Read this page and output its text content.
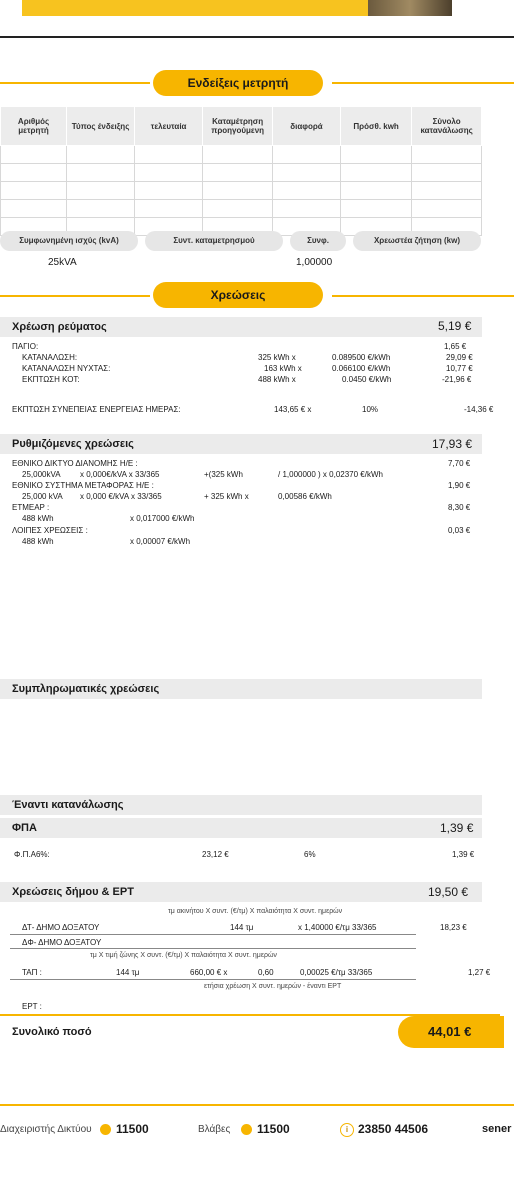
Ενδείξεις μετρητή
Αριθμός μετρητή	Τύπος ένδειξης	τελευταία	Καταμέτρηση προηγούμενη	διαφορά	Πρόσθ. kwh	Σύνολο κατανάλωσης

Συμφωνημένη ισχύς (kvA)	Συντ. καταμετρησμού	Συνφ.	Χρεωστέα ζήτηση (kw)
25kVA	1,00000
Χρεώσεις
Χρέωση ρεύματος	5,19 €
ΠΑΓΙΟ:	1,65 €
ΚΑΤΑΝΑΛΩΣΗ:	325 kWh x	0.089500 €/kWh	29,09 €
ΚΑΤΑΝΑΛΩΣΗ ΝΥΧΤΑΣ:	163 kWh x	0.066100 €/kWh	10,77 €
ΕΚΠΤΩΣΗ ΚΟΤ:	488 kWh x	0.0450 €/kWh	-21,96 €
ΕΚΠΤΩΣΗ ΣΥΝΕΠΕΙΑΣ ΕΝΕΡΓΕΙΑΣ ΗΜΕΡΑΣ:	143,65 € x	10%	-14,36 €
Ρυθμιζόμενες χρεώσεις	17,93 €
ΕΘΝΙΚΟ ΔΙΚΤΥΟ ΔΙΑΝΟΜΗΣ Η/Ε :	7,70 €
25,000kVA x 0,000€/kVA x 33/365	+(325 kWh	/ 1,000000 ) x 0,02370 €/kWh
ΕΘΝΙΚΟ ΣΥΣΤΗΜΑ ΜΕΤΑΦΟΡΑΣ Η/Ε :	1,90 €
25,000 kVA x 0,000 €/kVA x 33/365	+ 325 kWh x	0,00586 €/kWh
ΕΤΜΕΑΡ :	8,30 €
488 kWh	x 0,017000 €/kWh
ΛΟΙΠΕΣ ΧΡΕΩΣΕΙΣ :	0,03 €
488 kWh	x 0,00007 €/kWh
Συμπληρωματικές χρεώσεις
Έναντι κατανάλωσης
ΦΠΑ	1,39 €
Φ.Π.Α6%:	23,12 €	6%	1,39 €
Χρεώσεις δήμου & ΕΡΤ	19,50 €
τμ ακινήτου X συντ. (€/τμ) X παλαιότητα X συντ. ημερών
ΔΤ- ΔΗΜΟ ΔΟΞΑΤΟΥ	144 τμ	x 1,40000 €/τμ 33/365	18,23 €
ΔΦ- ΔΗΜΟ ΔΟΞΑΤΟΥ
τμ X τιμή ζώνης X συντ. (€/τμ) X παλαιότητα X συντ. ημερών
ΤΑΠ :	144 τμ	660,00 € x	0,60	0,00025 €/τμ 33/365	1,27 €
ετήσια χρέωση X συντ. ημερών - έναντι ΕΡΤ
ΕΡΤ :
Συνολικό ποσό	44,01 €
Διαχειριστής Δικτύου 11500	Βλάβες 11500	i 23850 44506	sener
